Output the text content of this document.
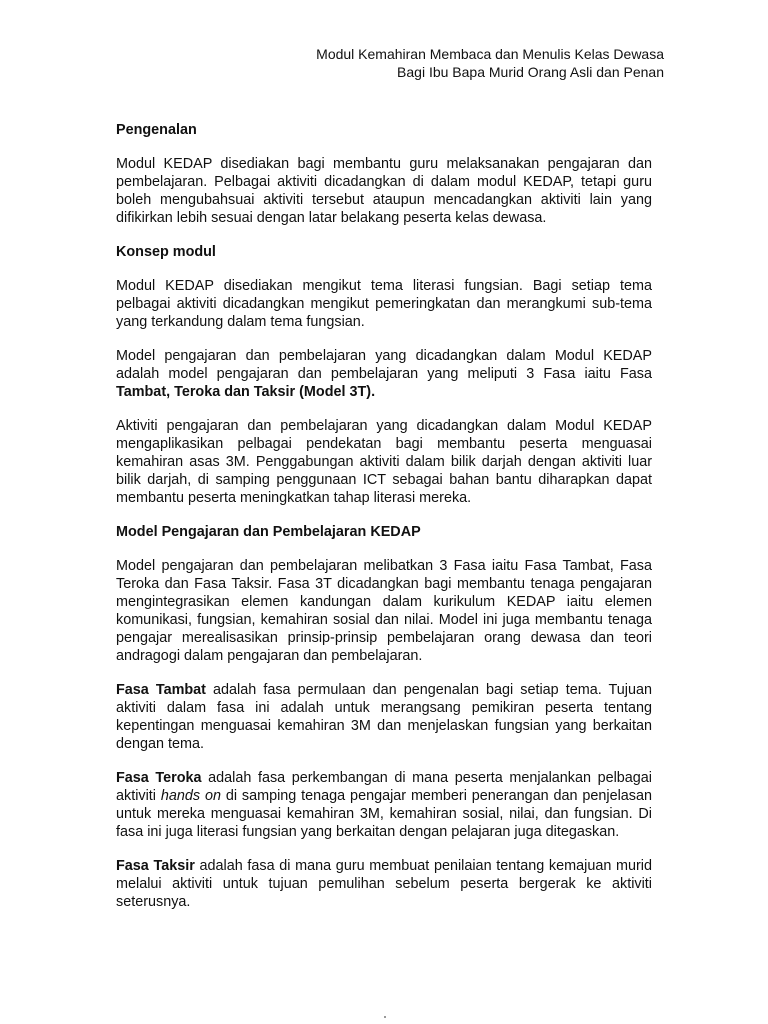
Modul Kemahiran Membaca dan Menulis Kelas Dewasa
Bagi Ibu Bapa Murid Orang Asli dan Penan
Pengenalan

Modul KEDAP disediakan bagi membantu guru melaksanakan pengajaran dan pembelajaran. Pelbagai aktiviti dicadangkan di dalam modul KEDAP, tetapi guru boleh mengubahsuai aktiviti tersebut ataupun mencadangkan aktiviti lain yang difikirkan lebih sesuai dengan latar belakang peserta kelas dewasa.

Konsep modul

Modul KEDAP disediakan mengikut tema literasi fungsian. Bagi setiap tema pelbagai aktiviti dicadangkan mengikut pemeringkatan dan merangkumi sub-tema yang terkandung dalam tema fungsian.

Model pengajaran dan pembelajaran yang dicadangkan dalam Modul KEDAP adalah model pengajaran dan pembelajaran yang meliputi 3 Fasa iaitu Fasa Tambat, Teroka dan Taksir (Model 3T).

Aktiviti pengajaran dan pembelajaran yang dicadangkan dalam Modul KEDAP mengaplikasikan pelbagai pendekatan bagi membantu peserta menguasai kemahiran asas 3M. Penggabungan aktiviti dalam bilik darjah dengan aktiviti luar bilik darjah, di samping penggunaan ICT sebagai bahan bantu diharapkan dapat membantu peserta meningkatkan tahap literasi mereka.

Model Pengajaran dan Pembelajaran KEDAP

Model pengajaran dan pembelajaran melibatkan 3 Fasa iaitu Fasa Tambat, Fasa Teroka dan Fasa Taksir. Fasa 3T dicadangkan bagi membantu tenaga pengajaran mengintegrasikan elemen kandungan dalam kurikulum KEDAP iaitu elemen komunikasi, fungsian, kemahiran sosial dan nilai. Model ini juga membantu tenaga pengajar merealisasikan prinsip-prinsip pembelajaran orang dewasa dan teori andragogi dalam pengajaran dan pembelajaran.

Fasa Tambat adalah fasa permulaan dan pengenalan bagi setiap tema. Tujuan aktiviti dalam fasa ini adalah untuk merangsang pemikiran peserta tentang kepentingan menguasai kemahiran 3M dan menjelaskan fungsian yang berkaitan dengan tema.

Fasa Teroka adalah fasa perkembangan di mana peserta menjalankan pelbagai aktiviti hands on di samping tenaga pengajar memberi penerangan dan penjelasan untuk mereka menguasai kemahiran 3M, kemahiran sosial, nilai, dan fungsian. Di fasa ini juga literasi fungsian yang berkaitan dengan pelajaran juga ditegaskan.

Fasa Taksir adalah fasa di mana guru membuat penilaian tentang kemajuan murid melalui aktiviti untuk tujuan pemulihan sebelum peserta bergerak ke aktiviti seterusnya.
